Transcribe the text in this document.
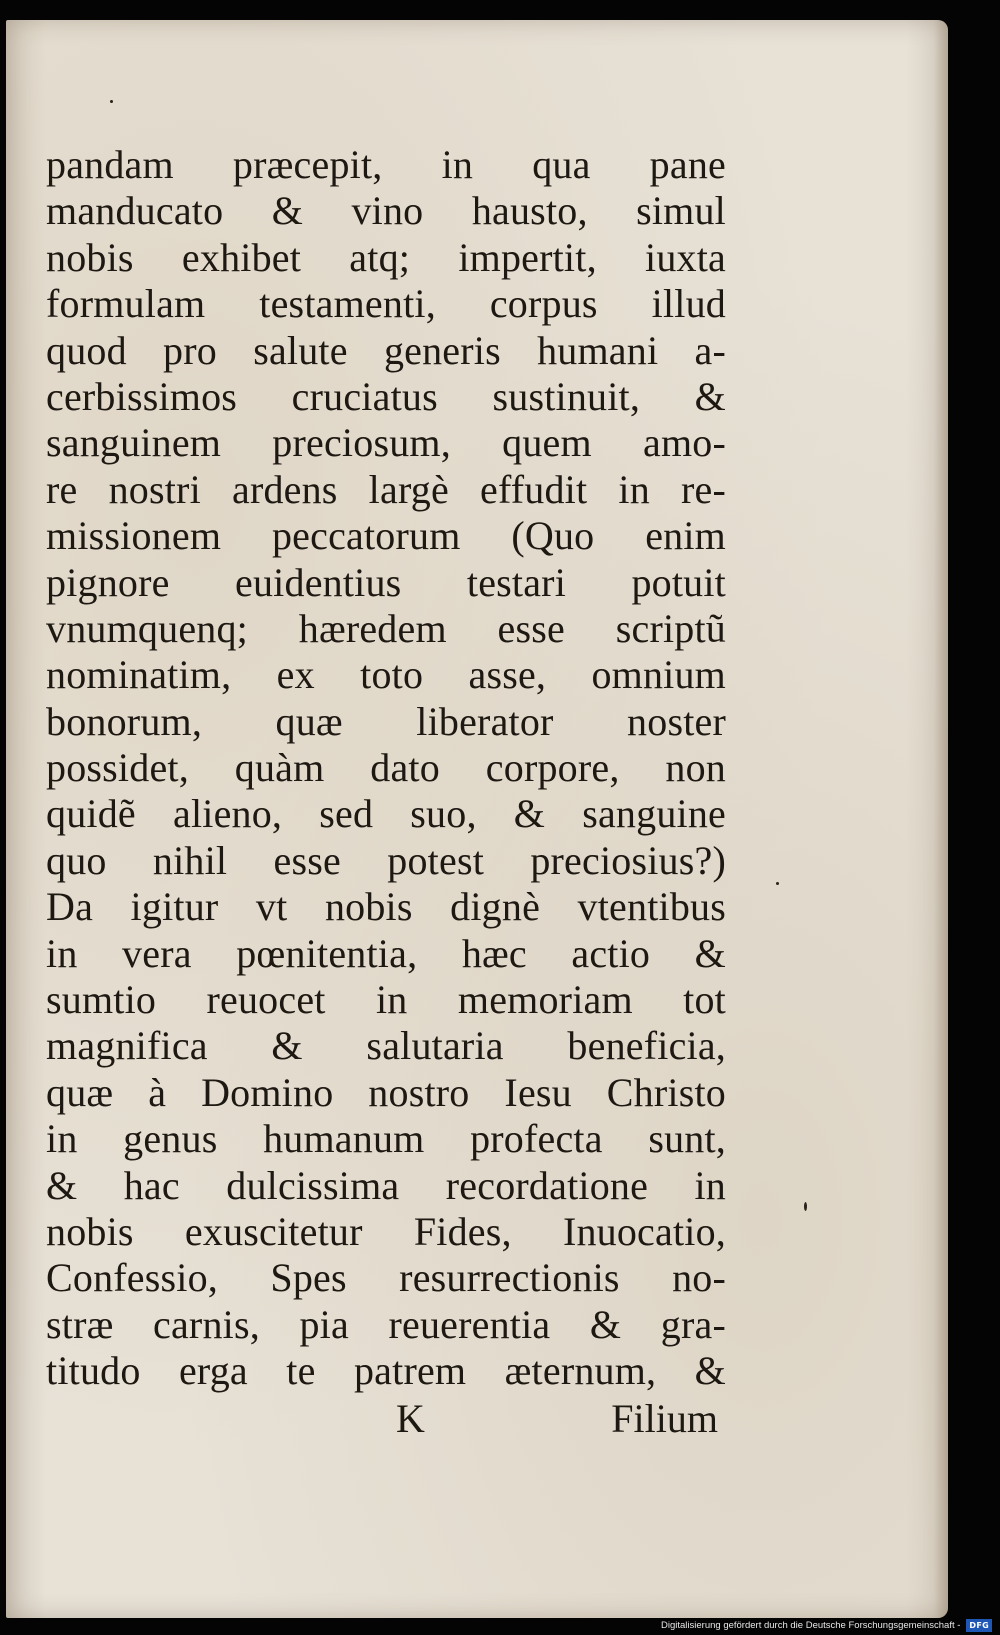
pandam præcepit, in qua pane
manducato & vino hausto, simul
nobis exhibet atq; impertit, iuxta
formulam testamenti, corpus illud
quod pro salute generis humani a-
cerbissimos cruciatus sustinuit, &
sanguinem preciosum, quem amo-
re nostri ardens largè effudit in re-
missionem peccatorum (Quo enim
pignore euidentius testari potuit
vnumquenq; hæredem esse scriptũ
nominatim, ex toto asse, omnium
bonorum, quæ liberator noster
possidet, quàm dato corpore, non
quidẽ alieno, sed suo, & sanguine
quo nihil esse potest preciosius?)
Da igitur vt nobis dignè vtentibus
in vera pœnitentia, hæc actio &
sumtio reuocet in memoriam tot
magnifica & salutaria beneficia,
quæ à Domino nostro Iesu Christo
in genus humanum profecta sunt,
& hac dulcissima recordatione in
nobis exuscitetur Fides, Inuocatio,
Confessio, Spes resurrectionis no-
stræ carnis, pia reuerentia & gra-
titudo erga te patrem æternum, &
K	Filium
Digitalisierung gefördert durch die Deutsche Forschungsgemeinschaft -	DFG
